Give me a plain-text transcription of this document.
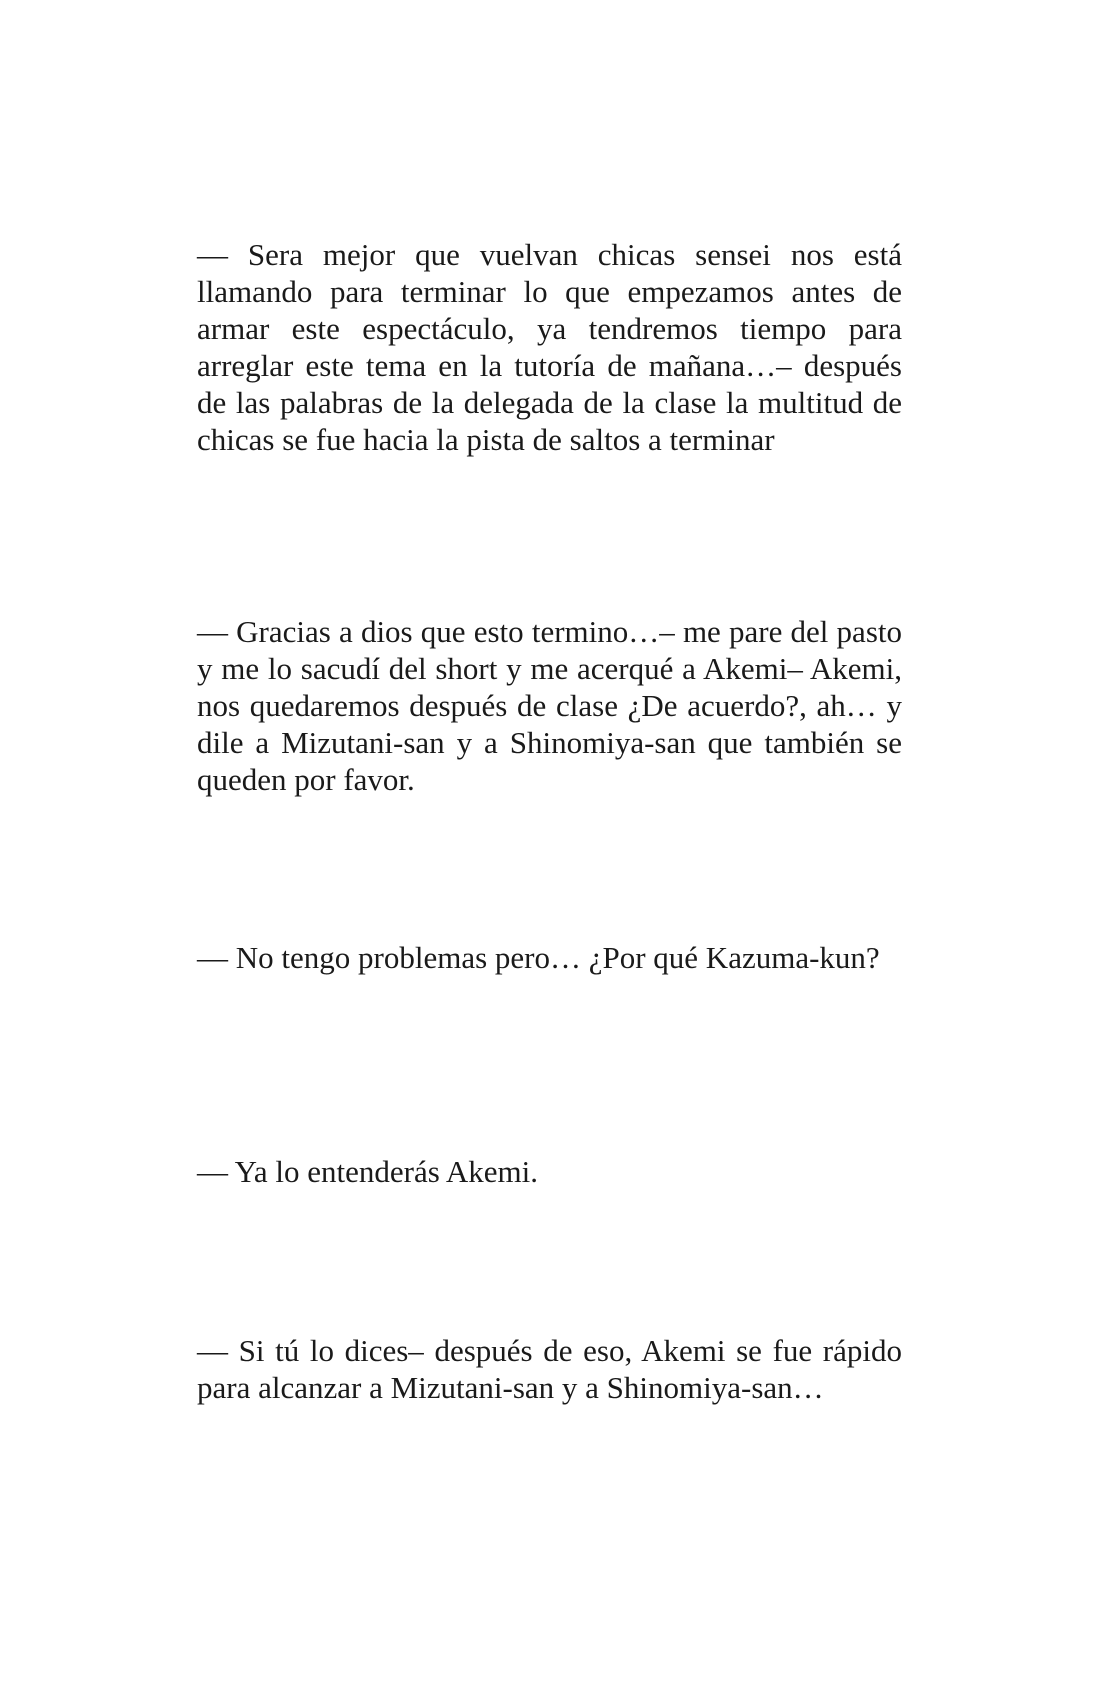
— Sera mejor que vuelvan chicas sensei nos está llamando para terminar lo que empezamos antes de armar este espectáculo, ya tendremos tiempo para arreglar este tema en la tutoría de mañana…– después de las palabras de la delegada de la clase la multitud de chicas se fue hacia la pista de saltos a terminar

— Gracias a dios que esto termino…– me pare del pasto y me lo sacudí del short y me acerqué a Akemi– Akemi, nos quedaremos después de clase ¿De acuerdo?, ah… y dile a Mizutani-san y a Shinomiya-san que también se queden por favor.

— No tengo problemas pero… ¿Por qué Kazuma-kun?

— Ya lo entenderás Akemi.

— Si tú lo dices– después de eso, Akemi se fue rápido para alcanzar a Mizutani-san y a Shinomiya-san…
